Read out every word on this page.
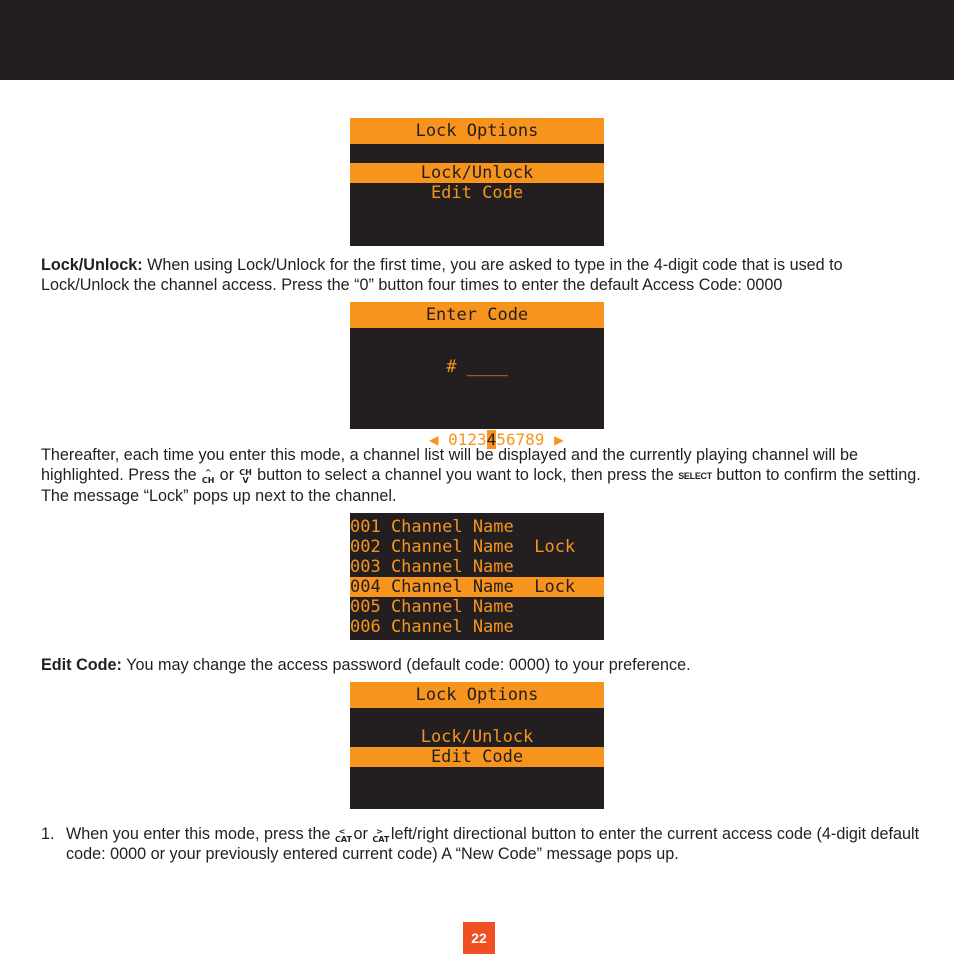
Lock Options
Lock/Unlock
Edit Code

Lock/Unlock: When using Lock/Unlock for the first time, you are asked to type in the 4-digit code that is used to Lock/Unlock the channel access. Press the “0” button four times to enter the default Access Code: 0000

Enter Code
# ____

◀ 0123456789 ▶

Thereafter, each time you enter this mode, a channel list will be displayed and the currently playing channel will be highlighted. Press the ^
CH or CH
V button to select a channel you want to lock, then press the SELECT button to confirm the setting. The message “Lock” pops up next to the channel.

001 Channel Name
002 Channel Name  Lock
003 Channel Name
004 Channel Name  Lock
005 Channel Name
006 Channel Name

Edit Code: You may change the access password (default code: 0000) to your preference.

Lock Options
Lock/Unlock
Edit Code

1. When you enter this mode, press the <
CAT or >
CAT left/right directional button to enter the current access code (4-digit default code: 0000 or your previously entered current code) A “New Code” message pops up.

22
